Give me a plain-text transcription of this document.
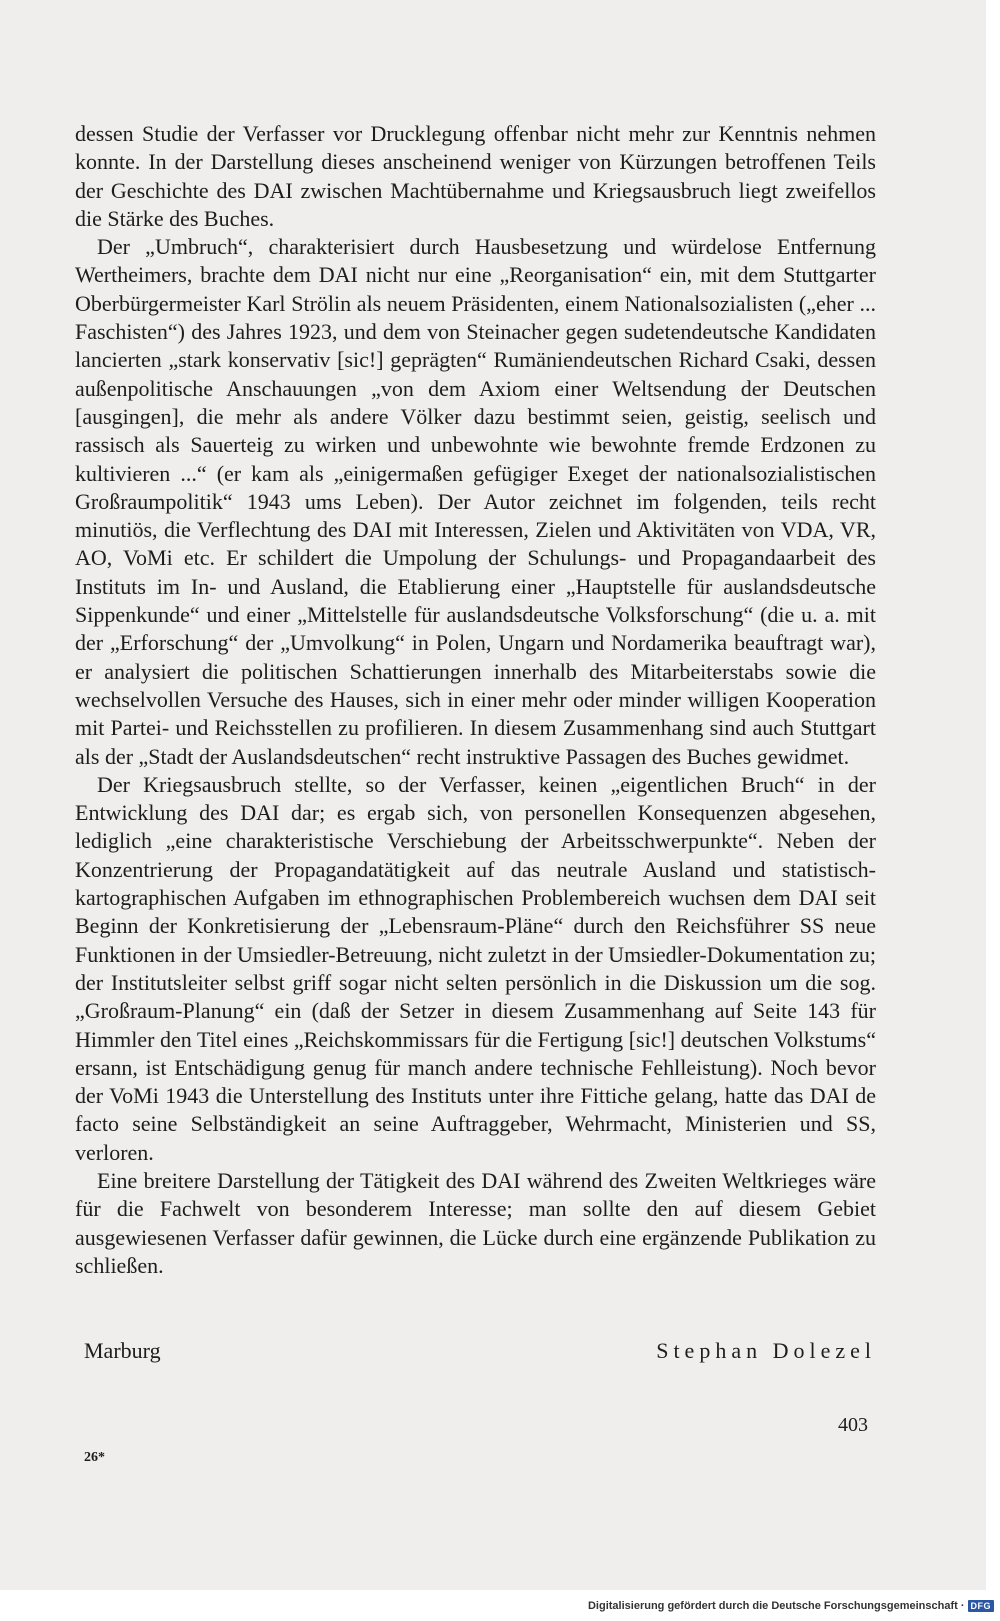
dessen Studie der Verfasser vor Drucklegung offenbar nicht mehr zur Kenntnis nehmen konnte. In der Darstellung dieses anscheinend weniger von Kürzungen betroffenen Teils der Geschichte des DAI zwischen Machtübernahme und Kriegsausbruch liegt zweifellos die Stärke des Buches.

Der „Umbruch“, charakterisiert durch Hausbesetzung und würdelose Entfernung Wertheimers, brachte dem DAI nicht nur eine „Reorganisation“ ein, mit dem Stuttgarter Oberbürgermeister Karl Strölin als neuem Präsidenten, einem Nationalsozialisten („eher ... Faschisten“) des Jahres 1923, und dem von Steinacher gegen sudetendeutsche Kandidaten lancierten „stark konservativ [sic!] geprägten“ Rumäniendeutschen Richard Csaki, dessen außenpolitische Anschauungen „von dem Axiom einer Weltsendung der Deutschen [ausgingen], die mehr als andere Völker dazu bestimmt seien, geistig, seelisch und rassisch als Sauerteig zu wirken und unbewohnte wie bewohnte fremde Erdzonen zu kultivieren ...“ (er kam als „einigermaßen gefügiger Exeget der nationalsozialistischen Großraumpolitik“ 1943 ums Leben). Der Autor zeichnet im folgenden, teils recht minutiös, die Verflechtung des DAI mit Interessen, Zielen und Aktivitäten von VDA, VR, AO, VoMi etc. Er schildert die Umpolung der Schulungs- und Propagandaarbeit des Instituts im In- und Ausland, die Etablierung einer „Hauptstelle für auslandsdeutsche Sippenkunde“ und einer „Mittelstelle für auslandsdeutsche Volksforschung“ (die u. a. mit der „Erforschung“ der „Umvolkung“ in Polen, Ungarn und Nordamerika beauftragt war), er analysiert die politischen Schattierungen innerhalb des Mitarbeiterstabs sowie die wechselvollen Versuche des Hauses, sich in einer mehr oder minder willigen Kooperation mit Partei- und Reichsstellen zu profilieren. In diesem Zusammenhang sind auch Stuttgart als der „Stadt der Auslandsdeutschen“ recht instruktive Passagen des Buches gewidmet.

Der Kriegsausbruch stellte, so der Verfasser, keinen „eigentlichen Bruch“ in der Entwicklung des DAI dar; es ergab sich, von personellen Konsequenzen abgesehen, lediglich „eine charakteristische Verschiebung der Arbeitsschwerpunkte“. Neben der Konzentrierung der Propagandatätigkeit auf das neutrale Ausland und statistisch-kartographischen Aufgaben im ethnographischen Problembereich wuchsen dem DAI seit Beginn der Konkretisierung der „Lebensraum-Pläne“ durch den Reichsführer SS neue Funktionen in der Umsiedler-Betreuung, nicht zuletzt in der Umsiedler-Dokumentation zu; der Institutsleiter selbst griff sogar nicht selten persönlich in die Diskussion um die sog. „Großraum-Planung“ ein (daß der Setzer in diesem Zusammenhang auf Seite 143 für Himmler den Titel eines „Reichskommissars für die Fertigung [sic!] deutschen Volkstums“ ersann, ist Entschädigung genug für manch andere technische Fehlleistung). Noch bevor der VoMi 1943 die Unterstellung des Instituts unter ihre Fittiche gelang, hatte das DAI de facto seine Selbständigkeit an seine Auftraggeber, Wehrmacht, Ministerien und SS, verloren.

Eine breitere Darstellung der Tätigkeit des DAI während des Zweiten Weltkrieges wäre für die Fachwelt von besonderem Interesse; man sollte den auf diesem Gebiet ausgewiesenen Verfasser dafür gewinnen, die Lücke durch eine ergänzende Publikation zu schließen.

Marburg	Stephan Dolezel
403
26*
Digitalisierung gefördert durch die Deutsche Forschungsgemeinschaft · DFG
